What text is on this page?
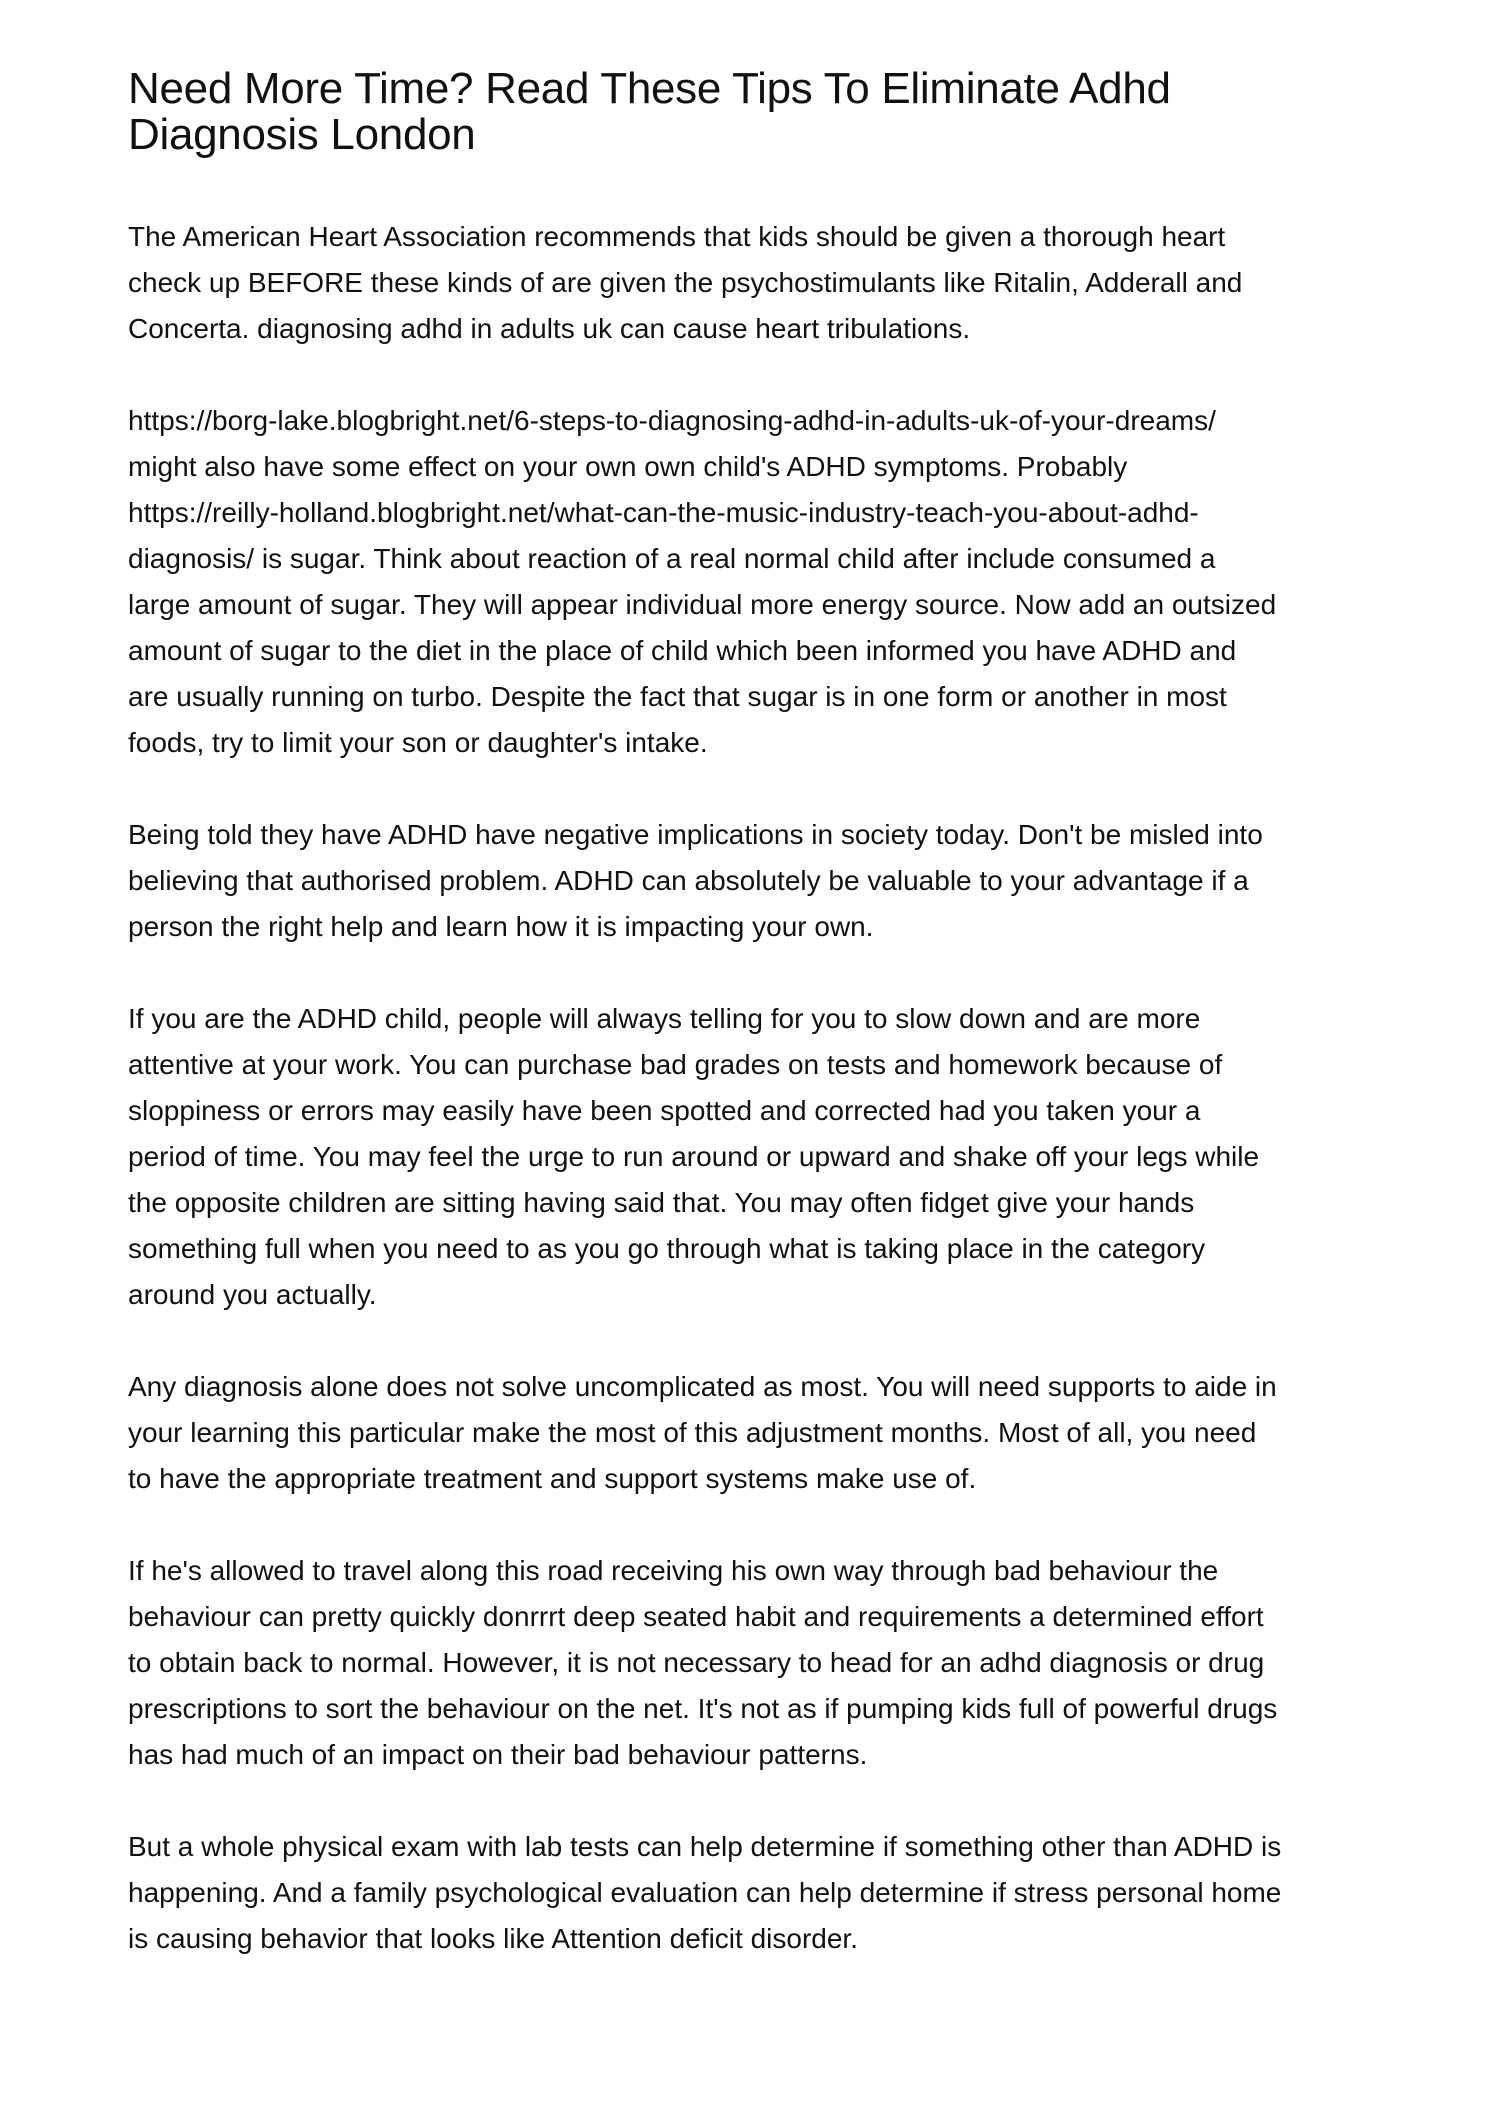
Need More Time? Read These Tips To Eliminate Adhd
Diagnosis London

The American Heart Association recommends that kids should be given a thorough heart
check up BEFORE these kinds of are given the psychostimulants like Ritalin, Adderall and
Concerta. diagnosing adhd in adults uk can cause heart tribulations.

https://borg-lake.blogbright.net/6-steps-to-diagnosing-adhd-in-adults-uk-of-your-dreams/
might also have some effect on your own own child's ADHD symptoms. Probably
https://reilly-holland.blogbright.net/what-can-the-music-industry-teach-you-about-adhd-
diagnosis/ is sugar. Think about reaction of a real normal child after include consumed a
large amount of sugar. They will appear individual more energy source. Now add an outsized
amount of sugar to the diet in the place of child which been informed you have ADHD and
are usually running on turbo. Despite the fact that sugar is in one form or another in most
foods, try to limit your son or daughter's intake.

Being told they have ADHD have negative implications in society today. Don't be misled into
believing that authorised problem. ADHD can absolutely be valuable to your advantage if a
person the right help and learn how it is impacting your own.

If you are the ADHD child, people will always telling for you to slow down and are more
attentive at your work. You can purchase bad grades on tests and homework because of
sloppiness or errors may easily have been spotted and corrected had you taken your a
period of time. You may feel the urge to run around or upward and shake off your legs while
the opposite children are sitting having said that. You may often fidget give your hands
something full when you need to as you go through what is taking place in the category
around you actually.

Any diagnosis alone does not solve uncomplicated as most. You will need supports to aide in
your learning this particular make the most of this adjustment months. Most of all, you need
to have the appropriate treatment and support systems make use of.

If he's allowed to travel along this road receiving his own way through bad behaviour the
behaviour can pretty quickly donrrrt deep seated habit and requirements a determined effort
to obtain back to normal. However, it is not necessary to head for an adhd diagnosis or drug
prescriptions to sort the behaviour on the net. It's not as if pumping kids full of powerful drugs
has had much of an impact on their bad behaviour patterns.

But a whole physical exam with lab tests can help determine if something other than ADHD is
happening. And a family psychological evaluation can help determine if stress personal home
is causing behavior that looks like Attention deficit disorder.
